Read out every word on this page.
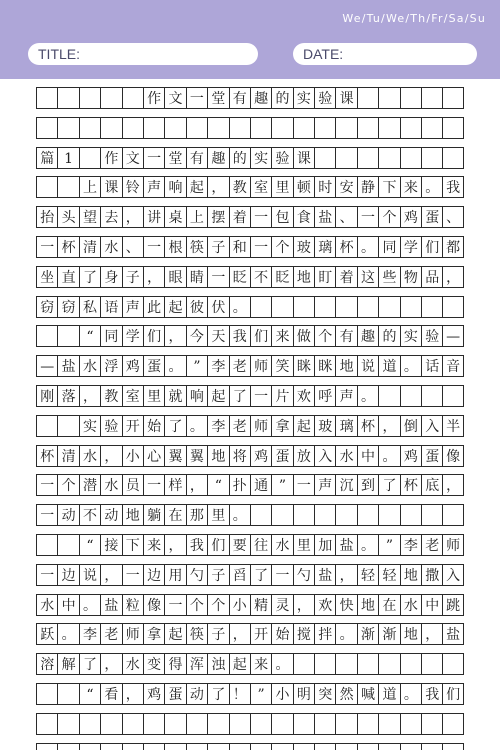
We/Tu/We/Th/Fr/Sa/Su
TITLE:	DATE:
作 文 一 堂 有 趣 的 实 验 课
篇 1	作 文 一 堂 有 趣 的 实 验 课
上 课 铃 声 响 起 ， 教 室 里 顿 时 安 静 下 来 。 我
抬 头 望 去 ， 讲 桌 上 摆 着 一 包 食 盐 、 一 个 鸡 蛋 、
一 杯 清 水 、 一 根 筷 子 和 一 个 玻 璃 杯 。 同 学 们 都
坐 直 了 身 子 ， 眼 睛 一 眨 不 眨 地 盯 着 这 些 物 品 ，
窃 窃 私 语 声 此 起 彼 伏 。
“ 同 学 们 ， 今 天 我 们 来 做 个 有 趣 的 实 验 —
— 盐 水 浮 鸡 蛋 。 ” 李 老 师 笑 眯 眯 地 说 道 。 话 音
刚 落 ， 教 室 里 就 响 起 了 一 片 欢 呼 声 。
实 验 开 始 了 。 李 老 师 拿 起 玻 璃 杯 ， 倒 入 半
杯 清 水 ， 小 心 翼 翼 地 将 鸡 蛋 放 入 水 中 。 鸡 蛋 像
一 个 潜 水 员 一 样 ， “ 扑 通 ” 一 声 沉 到 了 杯 底 ，
一 动 不 动 地 躺 在 那 里 。
“ 接 下 来 ， 我 们 要 往 水 里 加 盐 。 ” 李 老 师
一 边 说 ， 一 边 用 勺 子 舀 了 一 勺 盐 ， 轻 轻 地 撒 入
水 中 。 盐 粒 像 一 个 个 小 精 灵 ， 欢 快 地 在 水 中 跳
跃 。 李 老 师 拿 起 筷 子 ， 开 始 搅 拌 。 渐 渐 地 ， 盐
溶 解 了 ， 水 变 得 浑 浊 起 来 。
“ 看 ， 鸡 蛋 动 了 ！ ” 小 明 突 然 喊 道 。 我 们
